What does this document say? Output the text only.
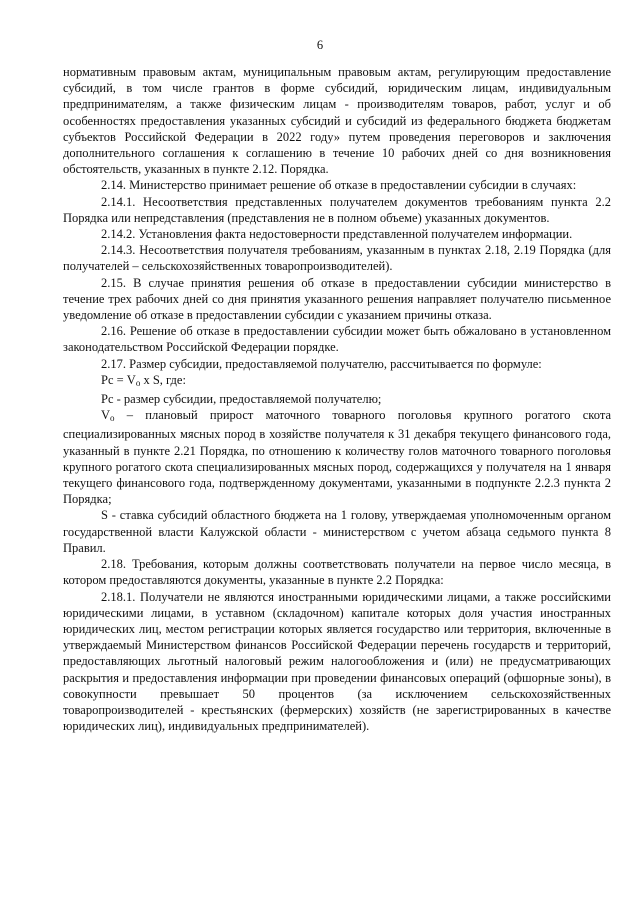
6

нормативным правовым актам, муниципальным правовым актам, регулирующим предоставление субсидий, в том числе грантов в форме субсидий, юридическим лицам, индивидуальным предпринимателям, а также физическим лицам - производителям товаров, работ, услуг и об особенностях предоставления указанных субсидий и субсидий из федерального бюджета бюджетам субъектов Российской Федерации в 2022 году» путем проведения переговоров и заключения дополнительного соглашения к соглашению в течение 10 рабочих дней со дня возникновения обстоятельств, указанных в пункте 2.12. Порядка.

2.14. Министерство принимает решение об отказе в предоставлении субсидии в случаях:

2.14.1. Несоответствия представленных получателем документов требованиям пункта 2.2 Порядка или непредставления (представления не в полном объеме) указанных документов.

2.14.2. Установления факта недостоверности представленной получателем информации.

2.14.3. Несоответствия получателя требованиям, указанным в пунктах 2.18, 2.19 Порядка (для получателей – сельскохозяйственных товаропроизводителей).

2.15. В случае принятия решения об отказе в предоставлении субсидии министерство в течение трех рабочих дней со дня принятия указанного решения направляет получателю письменное уведомление об отказе в предоставлении субсидии с указанием причины отказа.

2.16. Решение об отказе в предоставлении субсидии может быть обжаловано в установленном законодательством Российской Федерации порядке.

2.17. Размер субсидии, предоставляемой получателю, рассчитывается по формуле:

Рс = $V_o$ x S, где:

Рс - размер субсидии, предоставляемой получателю;

$V_o$ – плановый прирост маточного товарного поголовья крупного рогатого скота специализированных мясных пород в хозяйстве получателя к 31 декабря текущего финансового года, указанный в пункте 2.21 Порядка, по отношению к количеству голов маточного товарного поголовья крупного рогатого скота специализированных мясных пород, содержащихся у получателя на 1 января текущего финансового года, подтвержденному документами, указанными в подпункте 2.2.3 пункта 2 Порядка;

S - ставка субсидий областного бюджета на 1 голову, утверждаемая уполномоченным органом государственной власти Калужской области - министерством с учетом абзаца седьмого пункта 8 Правил.

2.18. Требования, которым должны соответствовать получатели на первое число месяца, в котором предоставляются документы, указанные в пункте 2.2 Порядка:

2.18.1. Получатели не являются иностранными юридическими лицами, а также российскими юридическими лицами, в уставном (складочном) капитале которых доля участия иностранных юридических лиц, местом регистрации которых является государство или территория, включенные в утверждаемый Министерством финансов Российской Федерации перечень государств и территорий, предоставляющих льготный налоговый режим налогообложения и (или) не предусматривающих раскрытия и предоставления информации при проведении финансовых операций (офшорные зоны), в совокупности превышает 50 процентов (за исключением сельскохозяйственных товаропроизводителей - крестьянских (фермерских) хозяйств (не зарегистрированных в качестве юридических лиц), индивидуальных предпринимателей).
